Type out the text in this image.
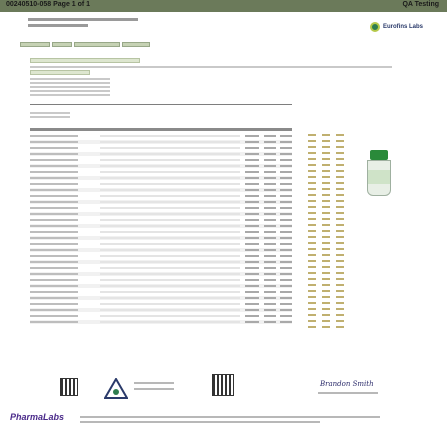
00240510-058 Page 1 of 1	QA Testing
Eurofins Labs
Brandon Smith
PharmaLabs
